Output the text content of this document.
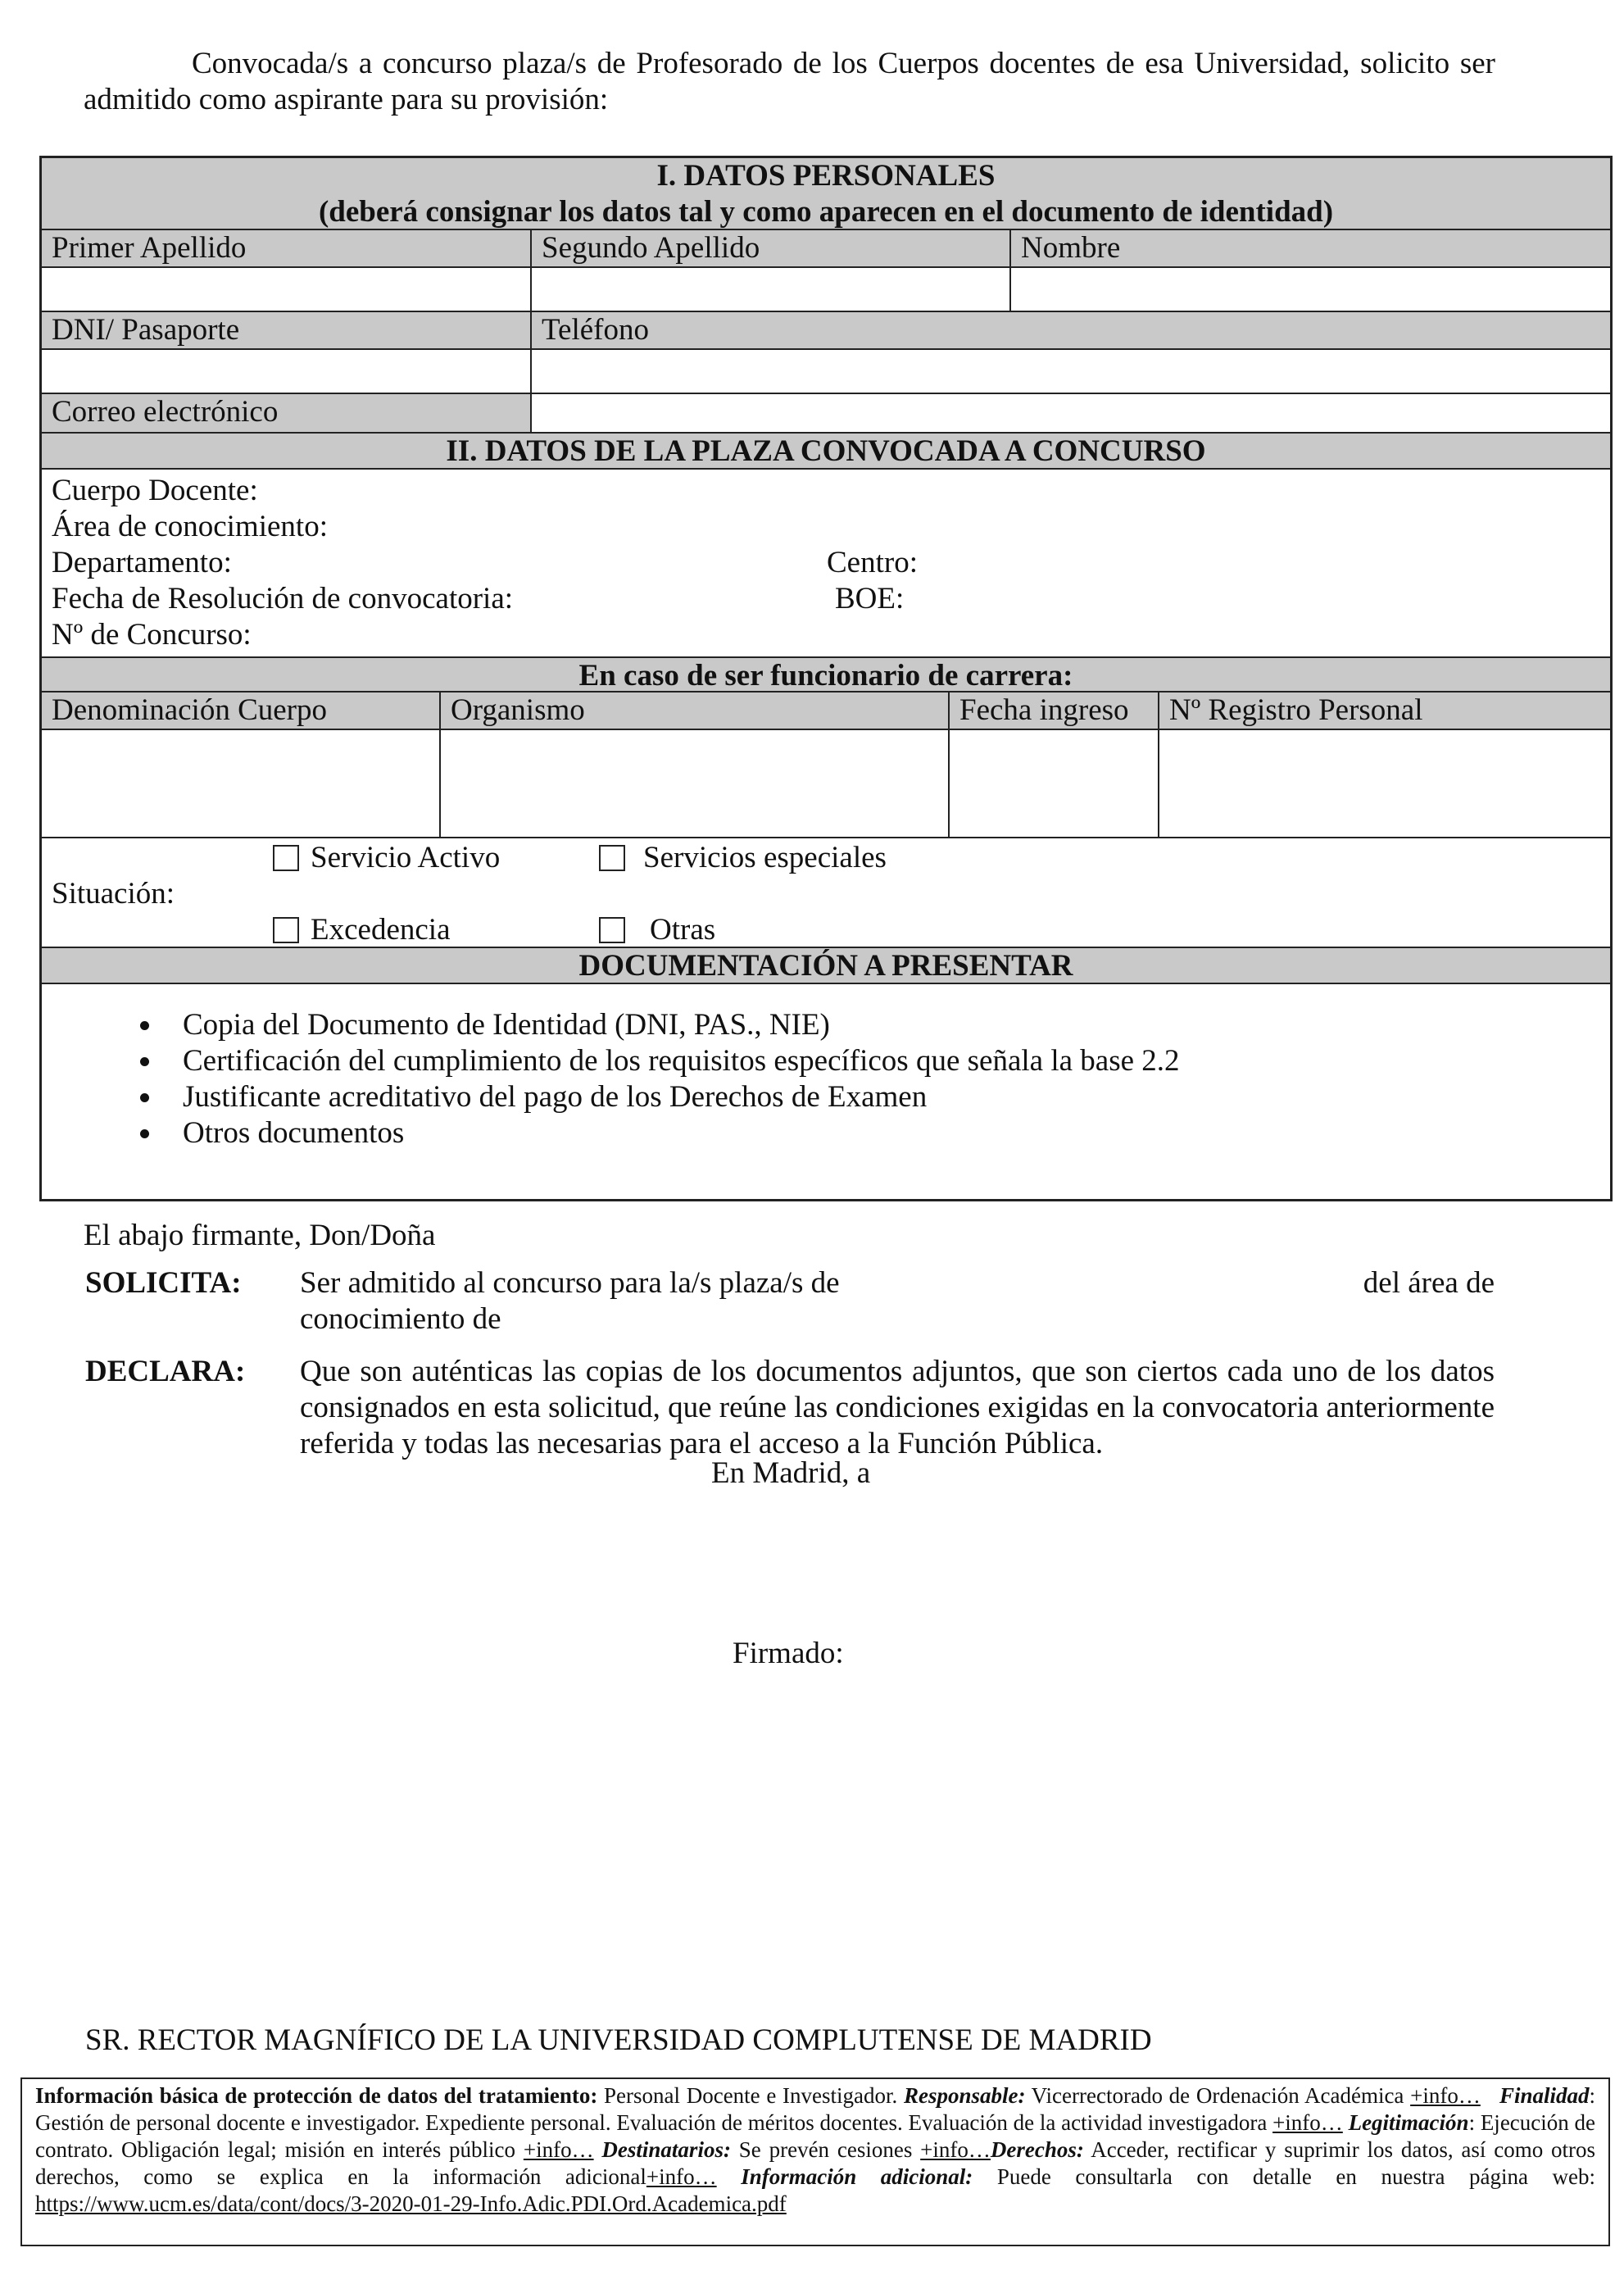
Convocada/s a concurso plaza/s de Profesorado de los Cuerpos docentes de esa Universidad, solicito ser admitido como aspirante para su provisión:
I. DATOS PERSONALES
(deberá consignar los datos tal y como aparecen en el documento de identidad)
Primer Apellido	Segundo Apellido	Nombre
DNI/ Pasaporte	Teléfono
Correo electrónico
II. DATOS DE LA PLAZA CONVOCADA A CONCURSO
Cuerpo Docente:
Área de conocimiento:
Departamento:	Centro:
Fecha de Resolución de convocatoria:	BOE:
Nº de Concurso:
En caso de ser funcionario de carrera:
Denominación Cuerpo	Organismo	Fecha ingreso	Nº Registro Personal
Situación:
Servicio Activo	Servicios especiales
Excedencia	Otras
DOCUMENTACIÓN A PRESENTAR
• Copia del Documento de Identidad (DNI, PAS., NIE)
• Certificación del cumplimiento de los requisitos específicos que señala la base 2.2
• Justificante acreditativo del pago de los Derechos de Examen
• Otros documentos
El abajo firmante, Don/Doña
SOLICITA: Ser admitido al concurso para la/s plaza/s de	del área de
conocimiento de
DECLARA: Que son auténticas las copias de los documentos adjuntos, que son ciertos cada uno de los datos consignados en esta solicitud, que reúne las condiciones exigidas en la convocatoria anteriormente referida y todas las necesarias para el acceso a la Función Pública.
En Madrid, a
Firmado:
SR. RECTOR MAGNÍFICO DE LA UNIVERSIDAD COMPLUTENSE DE MADRID
Información básica de protección de datos del tratamiento: Personal Docente e Investigador. Responsable: Vicerrectorado de Ordenación Académica +info… Finalidad: Gestión de personal docente e investigador. Expediente personal. Evaluación de méritos docentes. Evaluación de la actividad investigadora +info… Legitimación: Ejecución de contrato. Obligación legal; misión en interés público +info… Destinatarios: Se prevén cesiones +info…Derechos: Acceder, rectificar y suprimir los datos, así como otros derechos, como se explica en la información adicional+info… Información adicional: Puede consultarla con detalle en nuestra página web: https://www.ucm.es/data/cont/docs/3-2020-01-29-Info.Adic.PDI.Ord.Academica.pdf
